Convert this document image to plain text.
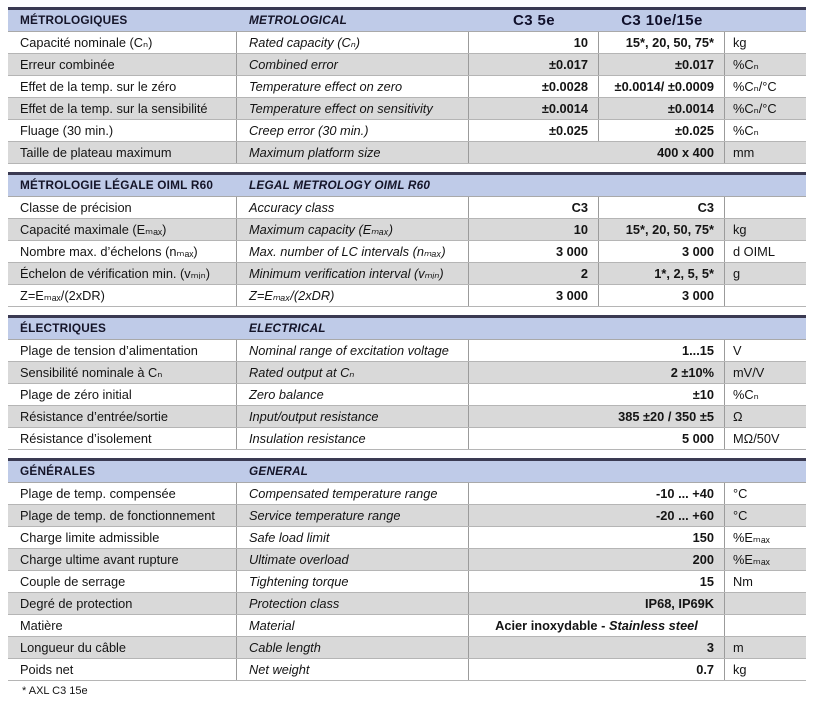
MÉTROLOGIQUES	METROLOGICAL	C3 5e	C3 10e/15e
Capacité nominale (Cₙ)	Rated capacity (Cₙ)	10	15*, 20, 50, 75*	kg
Erreur combinée	Combined error	±0.017	±0.017	%Cₙ
Effet de la temp. sur le zéro	Temperature effect on zero	±0.0028	±0.0014/ ±0.0009	%Cₙ/°C
Effet de la temp. sur la sensibilité	Temperature effect on sensitivity	±0.0014	±0.0014	%Cₙ/°C
Fluage (30 min.)	Creep error (30 min.)	±0.025	±0.025	%Cₙ
Taille de plateau maximum	Maximum platform size	400 x 400	mm
MÉTROLOGIE LÉGALE OIML R60	LEGAL METROLOGY OIML R60
Classe de précision	Accuracy class	C3	C3
Capacité maximale (Eₘₐₓ)	Maximum capacity (Eₘₐₓ)	10	15*, 20, 50, 75*	kg
Nombre max. d’échelons (nₘₐₓ)	Max. number of LC intervals (nₘₐₓ)	3 000	3 000	d OIML
Échelon de vérification min. (vₘᵢₙ)	Minimum verification interval (vₘᵢₙ)	2	1*, 2, 5, 5*	g
Z=Eₘₐₓ/(2xDR)	Z=Eₘₐₓ/(2xDR)	3 000	3 000
ÉLECTRIQUES	ELECTRICAL
Plage de tension d’alimentation	Nominal range of excitation voltage	1...15	V
Sensibilité nominale à Cₙ	Rated output at Cₙ	2 ±10%	mV/V
Plage de zéro initial	Zero balance	±10	%Cₙ
Résistance d’entrée/sortie	Input/output resistance	385 ±20 / 350 ±5	Ω
Résistance d’isolement	Insulation resistance	5 000	MΩ/50V
GÉNÉRALES	GENERAL
Plage de temp. compensée	Compensated temperature range	-10 ... +40	°C
Plage de temp. de fonctionnement	Service temperature range	-20 ... +60	°C
Charge limite admissible	Safe load limit	150	%Eₘₐₓ
Charge ultime avant rupture	Ultimate overload	200	%Eₘₐₓ
Couple de serrage	Tightening torque	15	Nm
Degré de protection	Protection class	IP68, IP69K
Matière	Material	Acier inoxydable - Stainless steel
Longueur du câble	Cable length	3	m
Poids net	Net weight	0.7	kg
* AXL C3 15e
